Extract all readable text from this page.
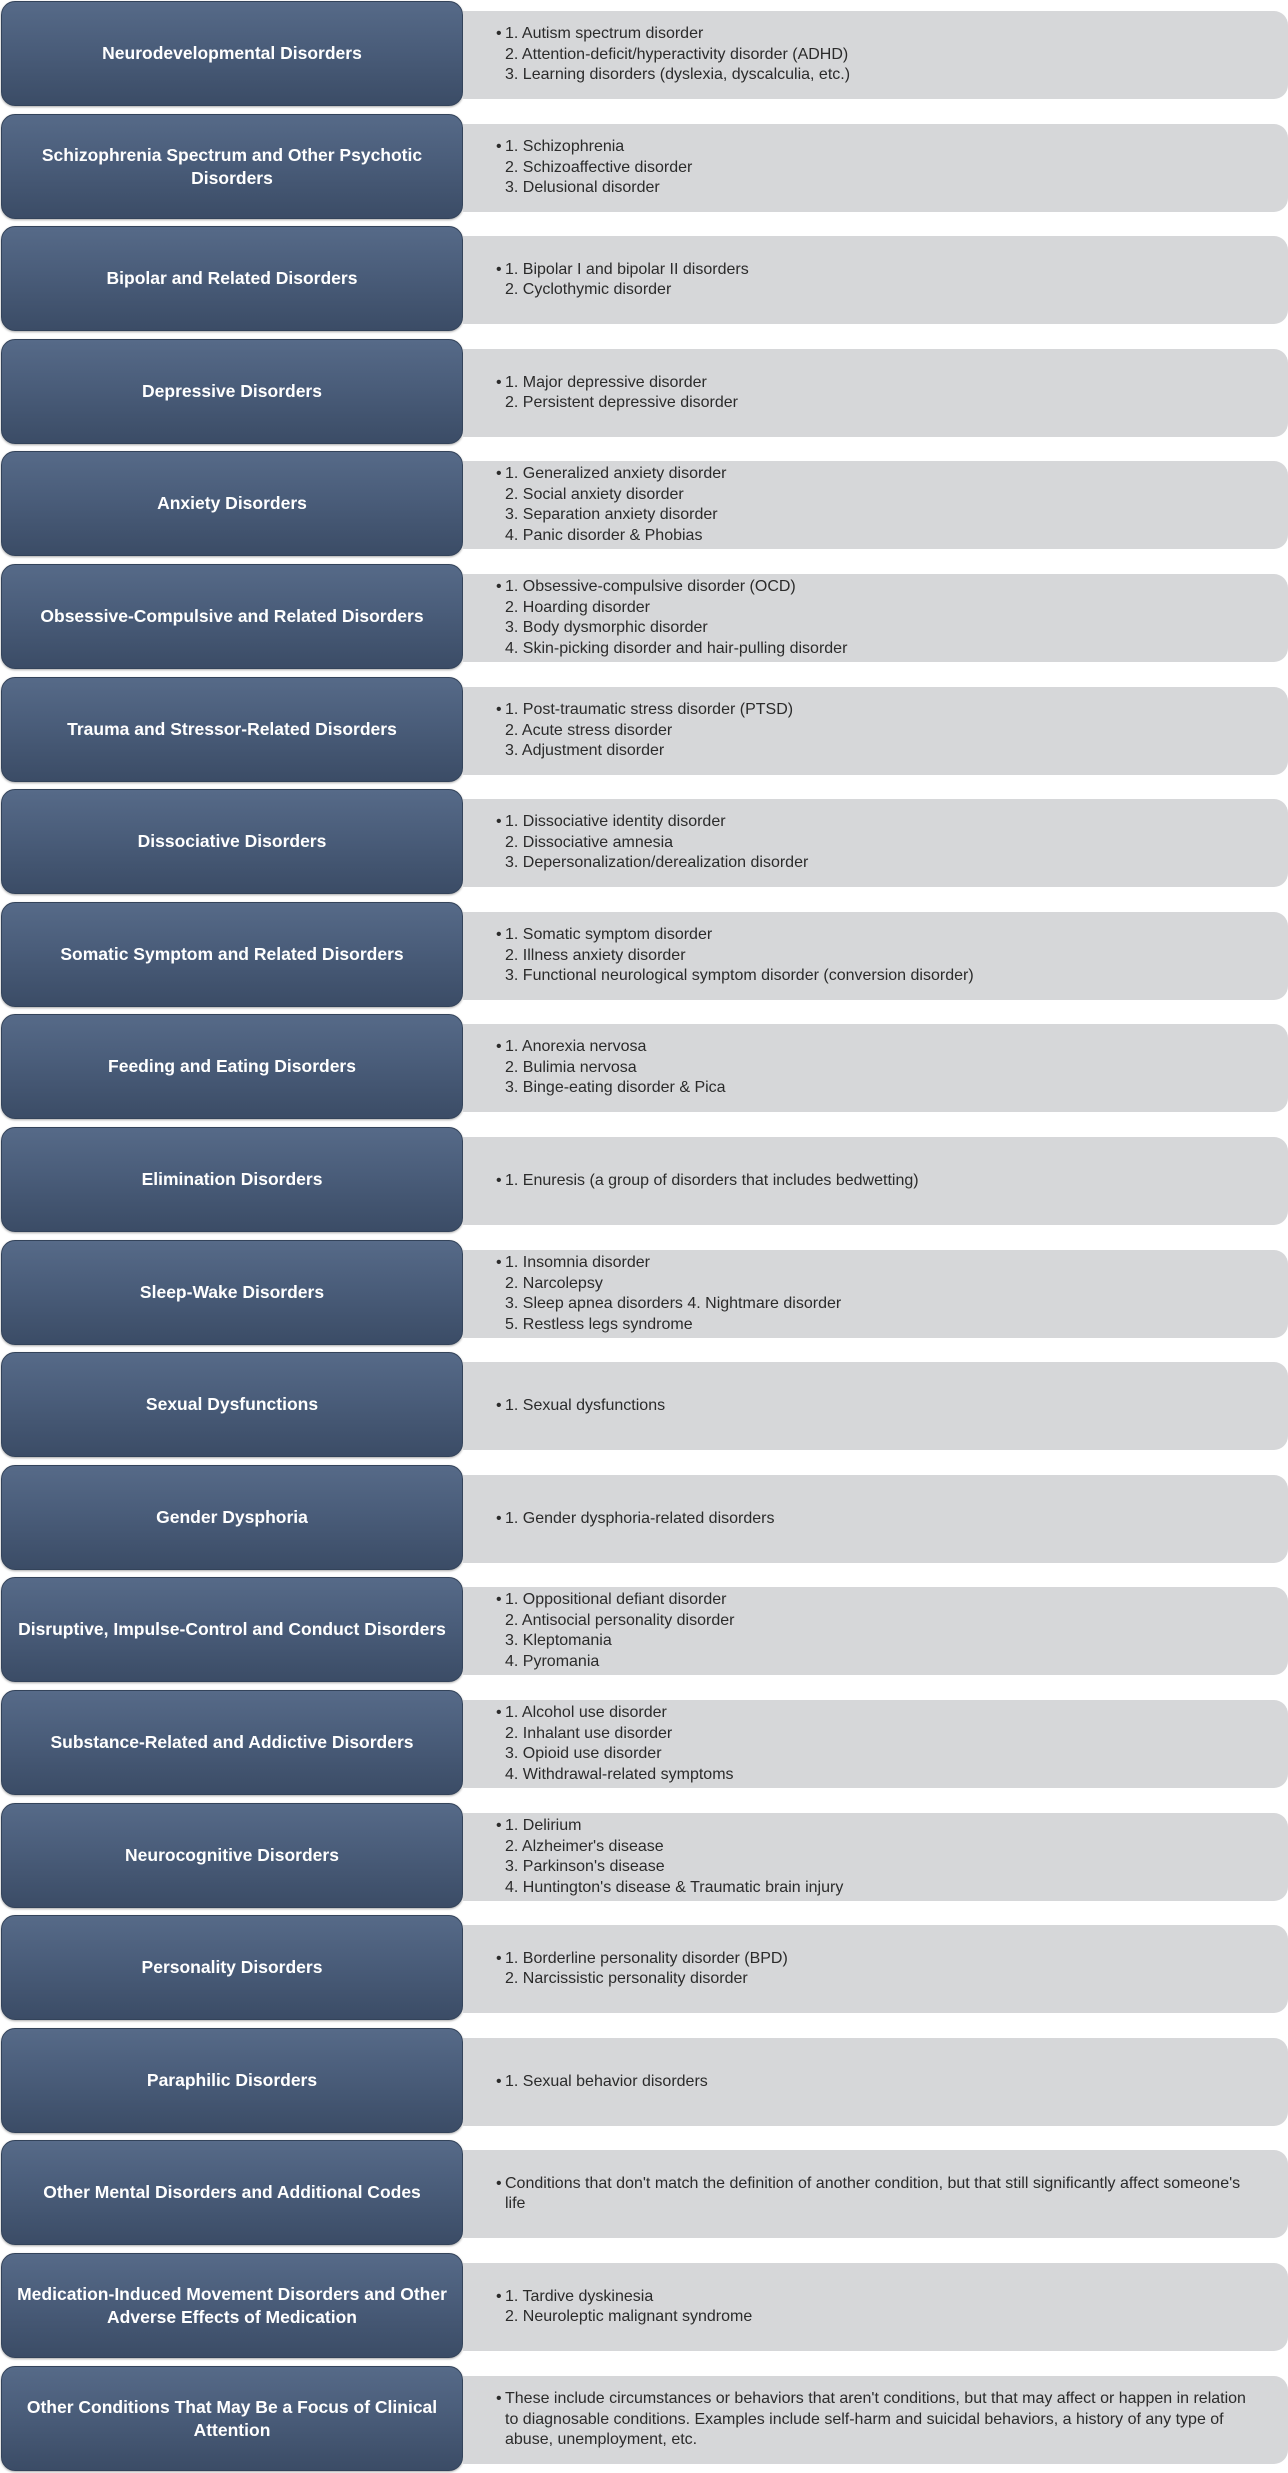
Neurodevelopmental Disorders
• 1. Autism spectrum disorder
2. Attention-deficit/hyperactivity disorder (ADHD)
3. Learning disorders (dyslexia, dyscalculia, etc.)
Schizophrenia Spectrum and Other Psychotic Disorders
• 1. Schizophrenia
2. Schizoaffective disorder
3. Delusional disorder
Bipolar and Related Disorders	• 1. Bipolar I and bipolar II disorders
2. Cyclothymic disorder
Depressive Disorders	• 1. Major depressive disorder
2. Persistent depressive disorder
Anxiety Disorders
• 1. Generalized anxiety disorder
2. Social anxiety disorder
3. Separation anxiety disorder
4. Panic disorder & Phobias
Obsessive-Compulsive and Related Disorders
• 1. Obsessive-compulsive disorder (OCD)
2. Hoarding disorder
3. Body dysmorphic disorder
4. Skin-picking disorder and hair-pulling disorder
Trauma and Stressor-Related Disorders
• 1. Post-traumatic stress disorder (PTSD)
2. Acute stress disorder
3. Adjustment disorder
Dissociative Disorders
• 1. Dissociative identity disorder
2. Dissociative amnesia
3. Depersonalization/derealization disorder
Somatic Symptom and Related Disorders
• 1. Somatic symptom disorder
2. Illness anxiety disorder
3. Functional neurological symptom disorder (conversion disorder)
Feeding and Eating Disorders
• 1. Anorexia nervosa
2. Bulimia nervosa
3. Binge-eating disorder & Pica
Elimination Disorders	• 1. Enuresis (a group of disorders that includes bedwetting)
Sleep-Wake Disorders
• 1. Insomnia disorder
2. Narcolepsy
3. Sleep apnea disorders 4. Nightmare disorder
5. Restless legs syndrome
Sexual Dysfunctions	• 1. Sexual dysfunctions
Gender Dysphoria	• 1. Gender dysphoria-related disorders
Disruptive, Impulse-Control and Conduct Disorders
• 1. Oppositional defiant disorder
2. Antisocial personality disorder
3. Kleptomania
4. Pyromania
Substance-Related and Addictive Disorders
• 1. Alcohol use disorder
2. Inhalant use disorder
3. Opioid use disorder
4. Withdrawal-related symptoms
Neurocognitive Disorders
• 1. Delirium
2. Alzheimer's disease
3. Parkinson's disease
4. Huntington's disease & Traumatic brain injury
Personality Disorders	• 1. Borderline personality disorder (BPD)
2. Narcissistic personality disorder
Paraphilic Disorders	• 1. Sexual behavior disorders
Other Mental Disorders and Additional Codes	• Conditions that don't match the definition of another condition, but that still significantly affect someone's life
Medication-Induced Movement Disorders and Other Adverse Effects of Medication
• 1. Tardive dyskinesia
2. Neuroleptic malignant syndrome
Other Conditions That May Be a Focus of Clinical Attention
• These include circumstances or behaviors that aren't conditions, but that may affect or happen in relation to diagnosable conditions. Examples include self-harm and suicidal behaviors, a history of any type of abuse, unemployment, etc.
